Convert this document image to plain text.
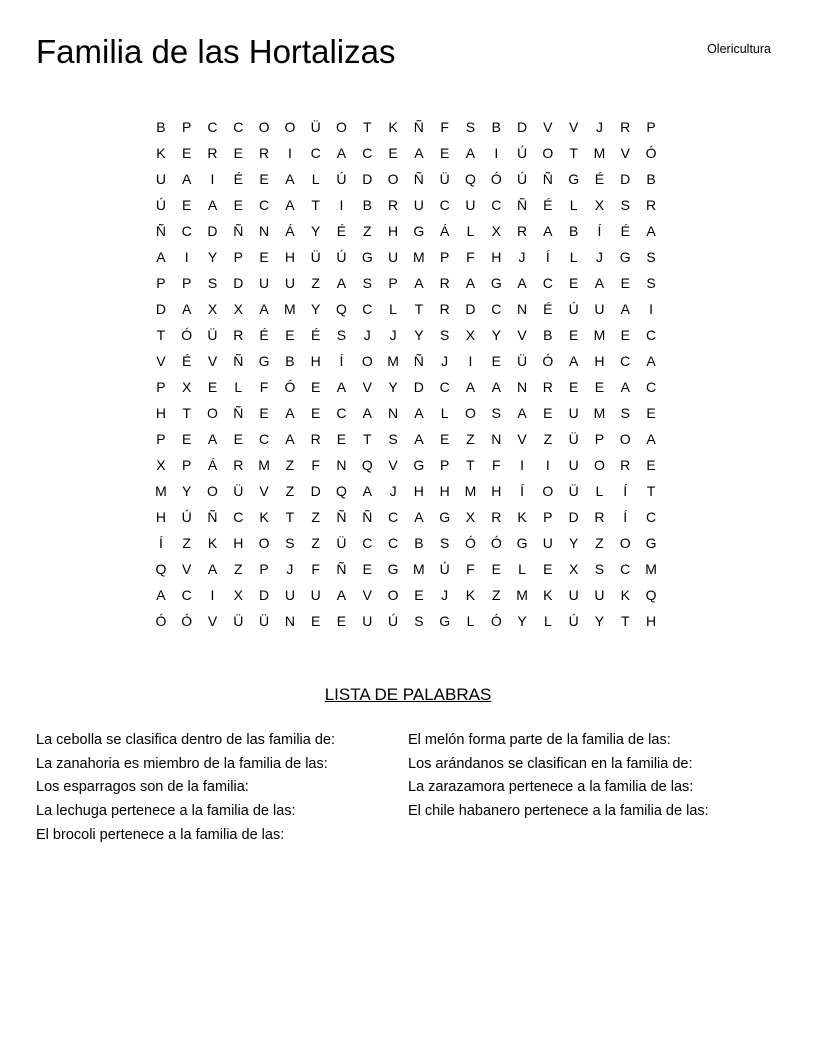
Familia de las Hortalizas	Olericultura
B	P	C	C	O	O	Ü	O	T	K	Ñ	F	S	B	D	V	V	J	R	P
K	E	R	E	R	I	C	A	C	E	A	E	A	I	Ú	O	T	M	V	Ó
U	A	I	É	E	A	L	Ú	D	O	Ñ	Ü	Q	Ó	Ú	Ñ	G	É	D	B
Ú	E	A	E	C	A	T	I	B	R	U	C	U	C	Ñ	É	L	X	S	R
Ñ	C	D	Ñ	N	Á	Y	É	Z	H	G	Á	L	X	R	A	B	Í	É	A
A	I	Y	P	E	H	Ü	Ú	G	U	M	P	F	H	J	Í	L	J	G	S
P	P	S	D	U	U	Z	A	S	P	A	R	A	G	A	C	E	A	E	S
D	A	X	X	A	M	Y	Q	C	L	T	R	D	C	N	É	Ú	U	A	I
T	Ó	Ü	R	É	E	É	S	J	J	Y	S	X	Y	V	B	E	M	E	C
V	É	V	Ñ	G	B	H	Í	O	M	Ñ	J	I	E	Ü	Ó	A	H	C	A
P	X	E	L	F	Ó	E	A	V	Y	D	C	A	A	N	R	E	E	A	C
H	T	O	Ñ	E	A	E	C	A	N	A	L	O	S	A	E	U	M	S	E
P	E	A	E	C	A	R	E	T	S	A	E	Z	N	V	Z	Ü	P	O	A
X	P	Á	R	M	Z	F	N	Q	V	G	P	T	F	I	I	U	O	R	E
M	Y	O	Ü	V	Z	D	Q	A	J	H	H	M	H	Í	O	Ü	L	Í	T
H	Ú	Ñ	C	K	T	Z	Ñ	Ñ	C	A	G	X	R	K	P	D	R	Í	C
Í	Z	K	H	O	S	Z	Ü	C	C	B	S	Ó	Ó	G	U	Y	Z	O	G
Q	V	A	Z	P	J	F	Ñ	E	G	M	Ú	F	E	L	E	X	S	C	M
A	C	I	X	D	U	U	A	V	O	E	J	K	Z	M	K	U	U	K	Q
Ó	Ó	V	Ü	Ü	N	E	E	U	Ú	S	G	L	Ó	Y	L	Ú	Y	T	H
LISTA DE PALABRAS
La cebolla se clasifica dentro de las familia de:
La zanahoria es miembro de la familia de las:
Los esparragos son de la familia:
La lechuga pertenece a la familia de las:
El brocoli pertenece a la familia de las:
El melón forma parte de la familia de las:
Los arándanos se clasifican en la familia de:
La zarazamora pertenece a la familia de las:
El chile habanero pertenece a la familia de las:
